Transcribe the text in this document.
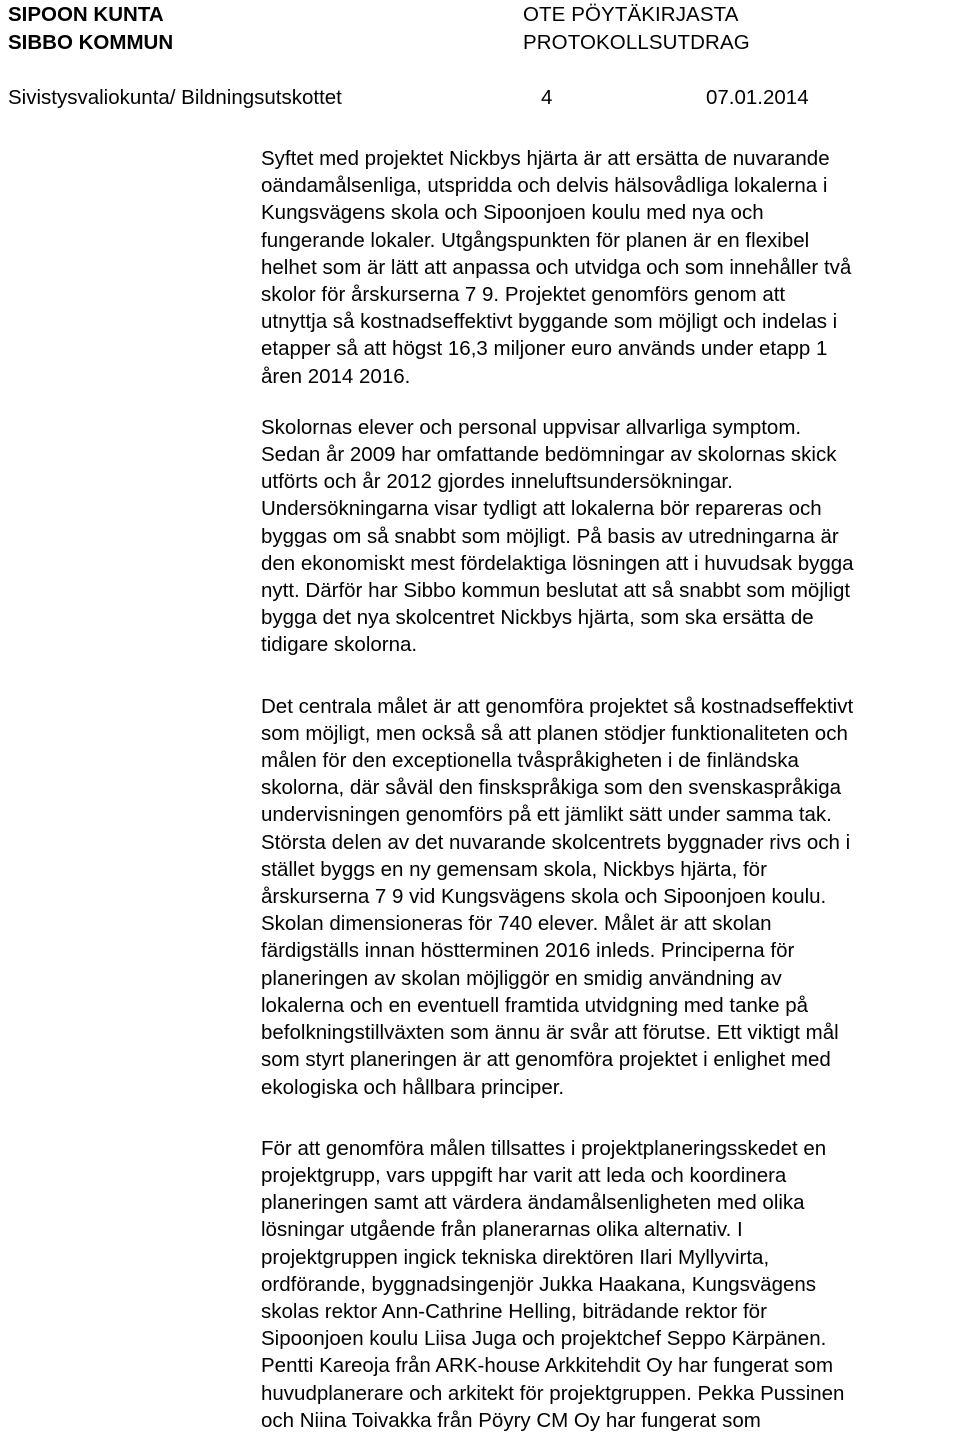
SIPOON KUNTA
SIBBO KOMMUN
OTE PÖYTÄKIRJASTA
PROTOKOLLSUTDRAG
Sivistysvaliokunta/ Bildningsutskottet	4	07.01.2014

Syftet med projektet Nickbys hjärta är att ersätta de nuvarande
oändamålsenliga, utspridda och delvis hälsovådliga lokalerna i
Kungsvägens skola och Sipoonjoen koulu med nya och
fungerande lokaler. Utgångspunkten för planen är en flexibel
helhet som är lätt att anpassa och utvidga och som innehåller två
skolor för årskurserna 7 9. Projektet genomförs genom att
utnyttja så kostnadseffektivt byggande som möjligt och indelas i
etapper så att högst 16,3 miljoner euro används under etapp 1
åren 2014 2016.

Skolornas elever och personal uppvisar allvarliga symptom.
Sedan år 2009 har omfattande bedömningar av skolornas skick
utförts och år 2012 gjordes inneluftsundersökningar.
Undersökningarna visar tydligt att lokalerna bör repareras och
byggas om så snabbt som möjligt. På basis av utredningarna är
den ekonomiskt mest fördelaktiga lösningen att i huvudsak bygga
nytt. Därför har Sibbo kommun beslutat att så snabbt som möjligt
bygga det nya skolcentret Nickbys hjärta, som ska ersätta de
tidigare skolorna.

Det centrala målet är att genomföra projektet så kostnadseffektivt
som möjligt, men också så att planen stödjer funktionaliteten och
målen för den exceptionella tvåspråkigheten i de finländska
skolorna, där såväl den finskspråkiga som den svenskaspråkiga
undervisningen genomförs på ett jämlikt sätt under samma tak.
Största delen av det nuvarande skolcentrets byggnader rivs och i
stället byggs en ny gemensam skola, Nickbys hjärta, för
årskurserna 7 9 vid Kungsvägens skola och Sipoonjoen koulu.
Skolan dimensioneras för 740 elever. Målet är att skolan
färdigställs innan höstterminen 2016 inleds. Principerna för
planeringen av skolan möjliggör en smidig användning av
lokalerna och en eventuell framtida utvidgning med tanke på
befolkningstillväxten som ännu är svår att förutse. Ett viktigt mål
som styrt planeringen är att genomföra projektet i enlighet med
ekologiska och hållbara principer.

För att genomföra målen tillsattes i projektplaneringsskedet en
projektgrupp, vars uppgift har varit att leda och koordinera
planeringen samt att värdera ändamålsenligheten med olika
lösningar utgående från planerarnas olika alternativ. I
projektgruppen ingick tekniska direktören Ilari Myllyvirta,
ordförande, byggnadsingenjör Jukka Haakana, Kungsvägens
skolas rektor Ann-Cathrine Helling, biträdande rektor för
Sipoonjoen koulu Liisa Juga och projektchef Seppo Kärpänen.
Pentti Kareoja från ARK-house Arkkitehdit Oy har fungerat som
huvudplanerare och arkitekt för projektgruppen. Pekka Pussinen
och Niina Toivakka från Pöyry CM Oy har fungerat som
